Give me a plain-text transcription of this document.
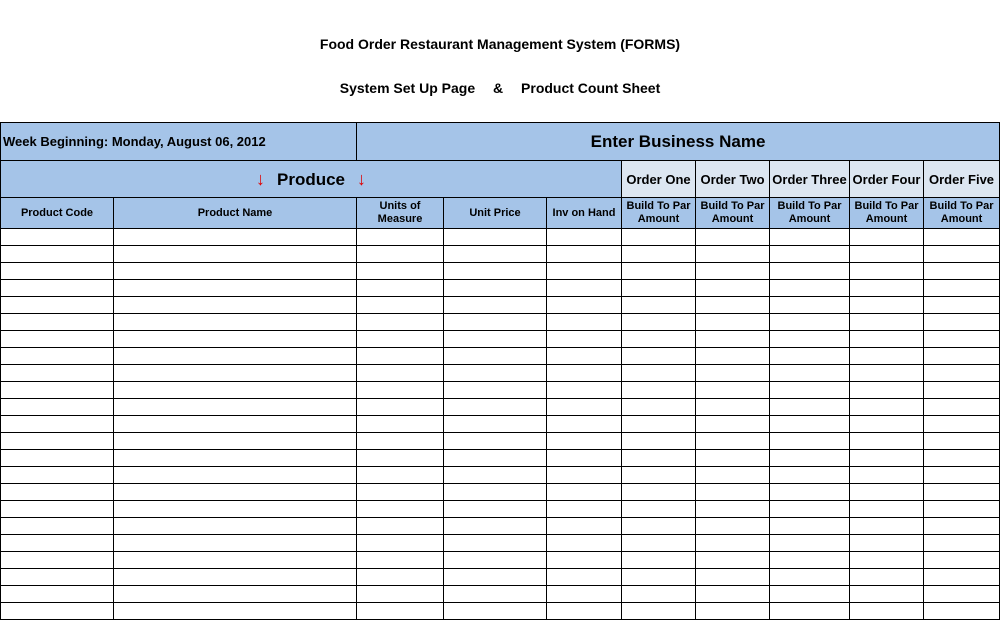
Food Order Restaurant Management System (FORMS)
System Set Up Page & Product Count Sheet
Week Beginning: Monday, August 06, 2012		Enter Business Name							
↓ Produce ↓					Order One	Order Two	Order Three	Order Four	Order Five
Product Code	Product Name	Units of Measure	Unit Price	Inv on Hand	Build To Par Amount	Build To Par Amount	Build To Par Amount	Build To Par Amount	Build To Par Amount
